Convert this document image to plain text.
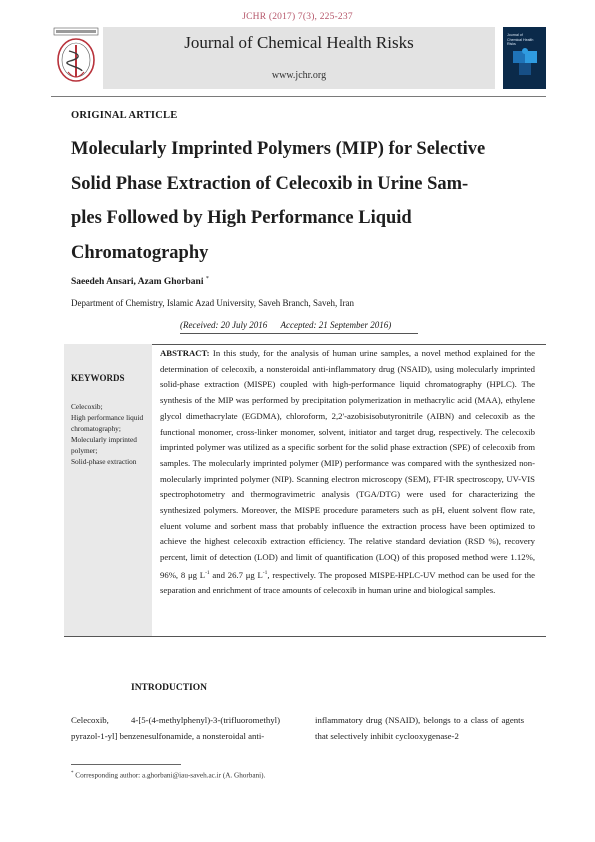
JCHR (2017) 7(3), 225-237
Journal of Chemical Health Risks
www.jchr.org
Journal of Chemical Health Risks
ORIGINAL ARTICLE
Molecularly Imprinted Polymers (MIP) for Selective
Solid Phase Extraction of Celecoxib in Urine Sam-
ples Followed by High Performance Liquid
Chromatography
Saeedeh Ansari, Azam Ghorbani *
Department of Chemistry, Islamic Azad University, Saveh Branch, Saveh, Iran
(Received: 20 July 2016      Accepted: 21 September 2016)
KEYWORDS
Celecoxib;
High performance liquid chromatography;
Molecularly imprinted polymer;
Solid-phase extraction
ABSTRACT: In this study, for the analysis of human urine samples, a novel method explained for the determination of celecoxib, a nonsteroidal anti-inflammatory drug (NSAID), using molecularly imprinted solid-phase extraction (MISPE) coupled with high-performance liquid chromatography (HPLC). The synthesis of the MIP was performed by precipitation polymerization in methacrylic acid (MAA), ethylene glycol dimethacrylate (EGDMA), chloroform, 2,2'-azobisisobutyronitrile (AIBN) and celecoxib as the functional monomer, cross-linker monomer, solvent, initiator and target drug, respectively. The celecoxib imprinted polymer was utilized as a specific sorbent for the solid phase extraction (SPE) of celecoxib from samples. The molecularly imprinted polymer (MIP) performance was compared with the synthesized non-molecularly imprinted polymer (NIP). Scanning electron microscopy (SEM), FT-IR spectroscopy, UV-VIS spectrophotometry and thermogravimetric analysis (TGA/DTG) were used for characterizing the synthesized polymers. Moreover, the MISPE procedure parameters such as pH, eluent solvent flow rate, eluent volume and sorbent mass that probably influence the extraction process have been optimized to achieve the highest celecoxib extraction efficiency. The relative standard deviation (RSD %), recovery percent, limit of detection (LOD) and limit of quantification (LOQ) of this proposed method were 1.12%, 96%, 8 μg $L^{-1}$ and 26.7 μg $L^{-1}$, respectively. The proposed MISPE-HPLC-UV method can be used for the separation and enrichment of trace amounts of celecoxib in human urine and biological samples.
INTRODUCTION
Celecoxib, 4-[5-(4-methylphenyl)-3-(trifluoromethyl) pyrazol-1-yl] benzenesulfonamide, a nonsteroidal anti-
inflammatory drug (NSAID), belongs to a class of agents that selectively inhibit cyclooxygenase-2
* Corresponding author: a.ghorbani@iau-saveh.ac.ir (A. Ghorbani).
